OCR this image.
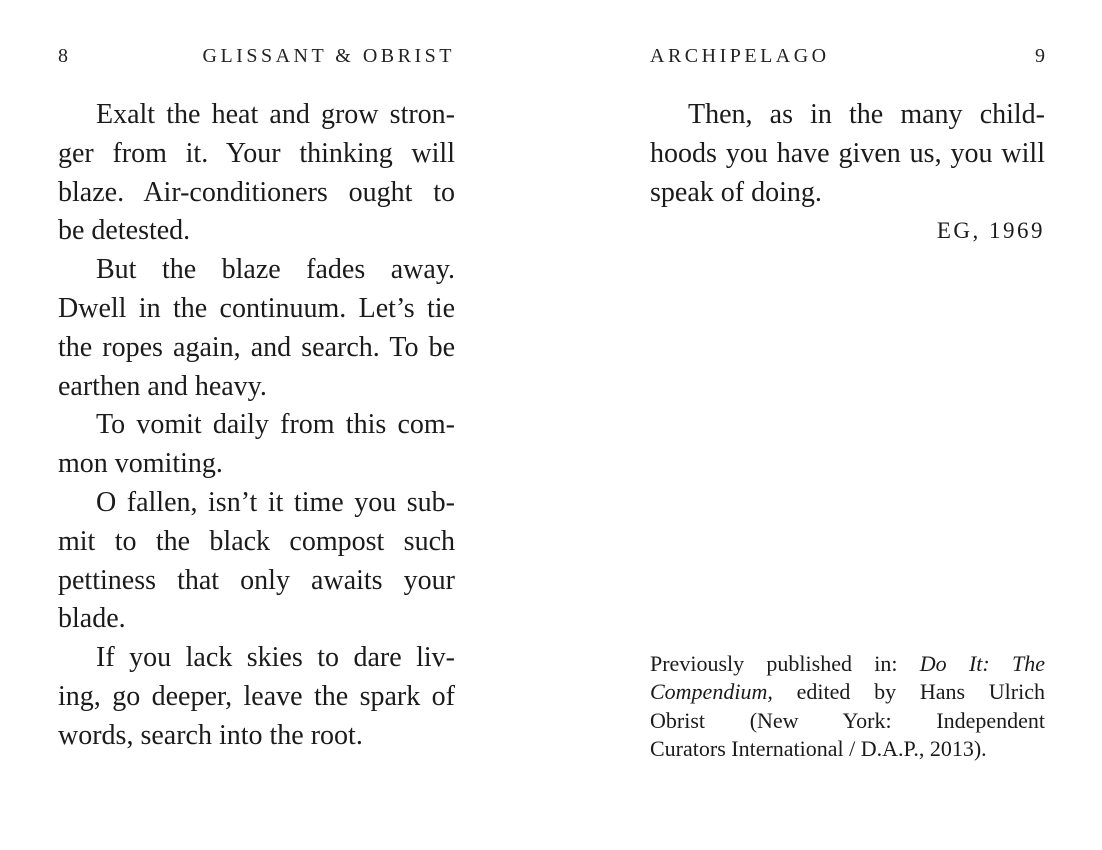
8	GLISSANT & OBRIST
Exalt the heat and grow stron-
ger from it. Your thinking will
blaze. Air-conditioners ought to
be detested.
But the blaze fades away.
Dwell in the continuum. Let’s tie
the ropes again, and search. To be
earthen and heavy.
To vomit daily from this com-
mon vomiting.
O fallen, isn’t it time you sub-
mit to the black compost such
pettiness that only awaits your
blade.
If you lack skies to dare liv-
ing, go deeper, leave the spark of
words, search into the root.
ARCHIPELAGO	9
Then, as in the many child-
hoods you have given us, you will
speak of doing.
EG, 1969
Previously published in: Do It: The
Compendium, edited by Hans Ulrich
Obrist (New York: Independent
Curators International / D.A.P., 2013).
